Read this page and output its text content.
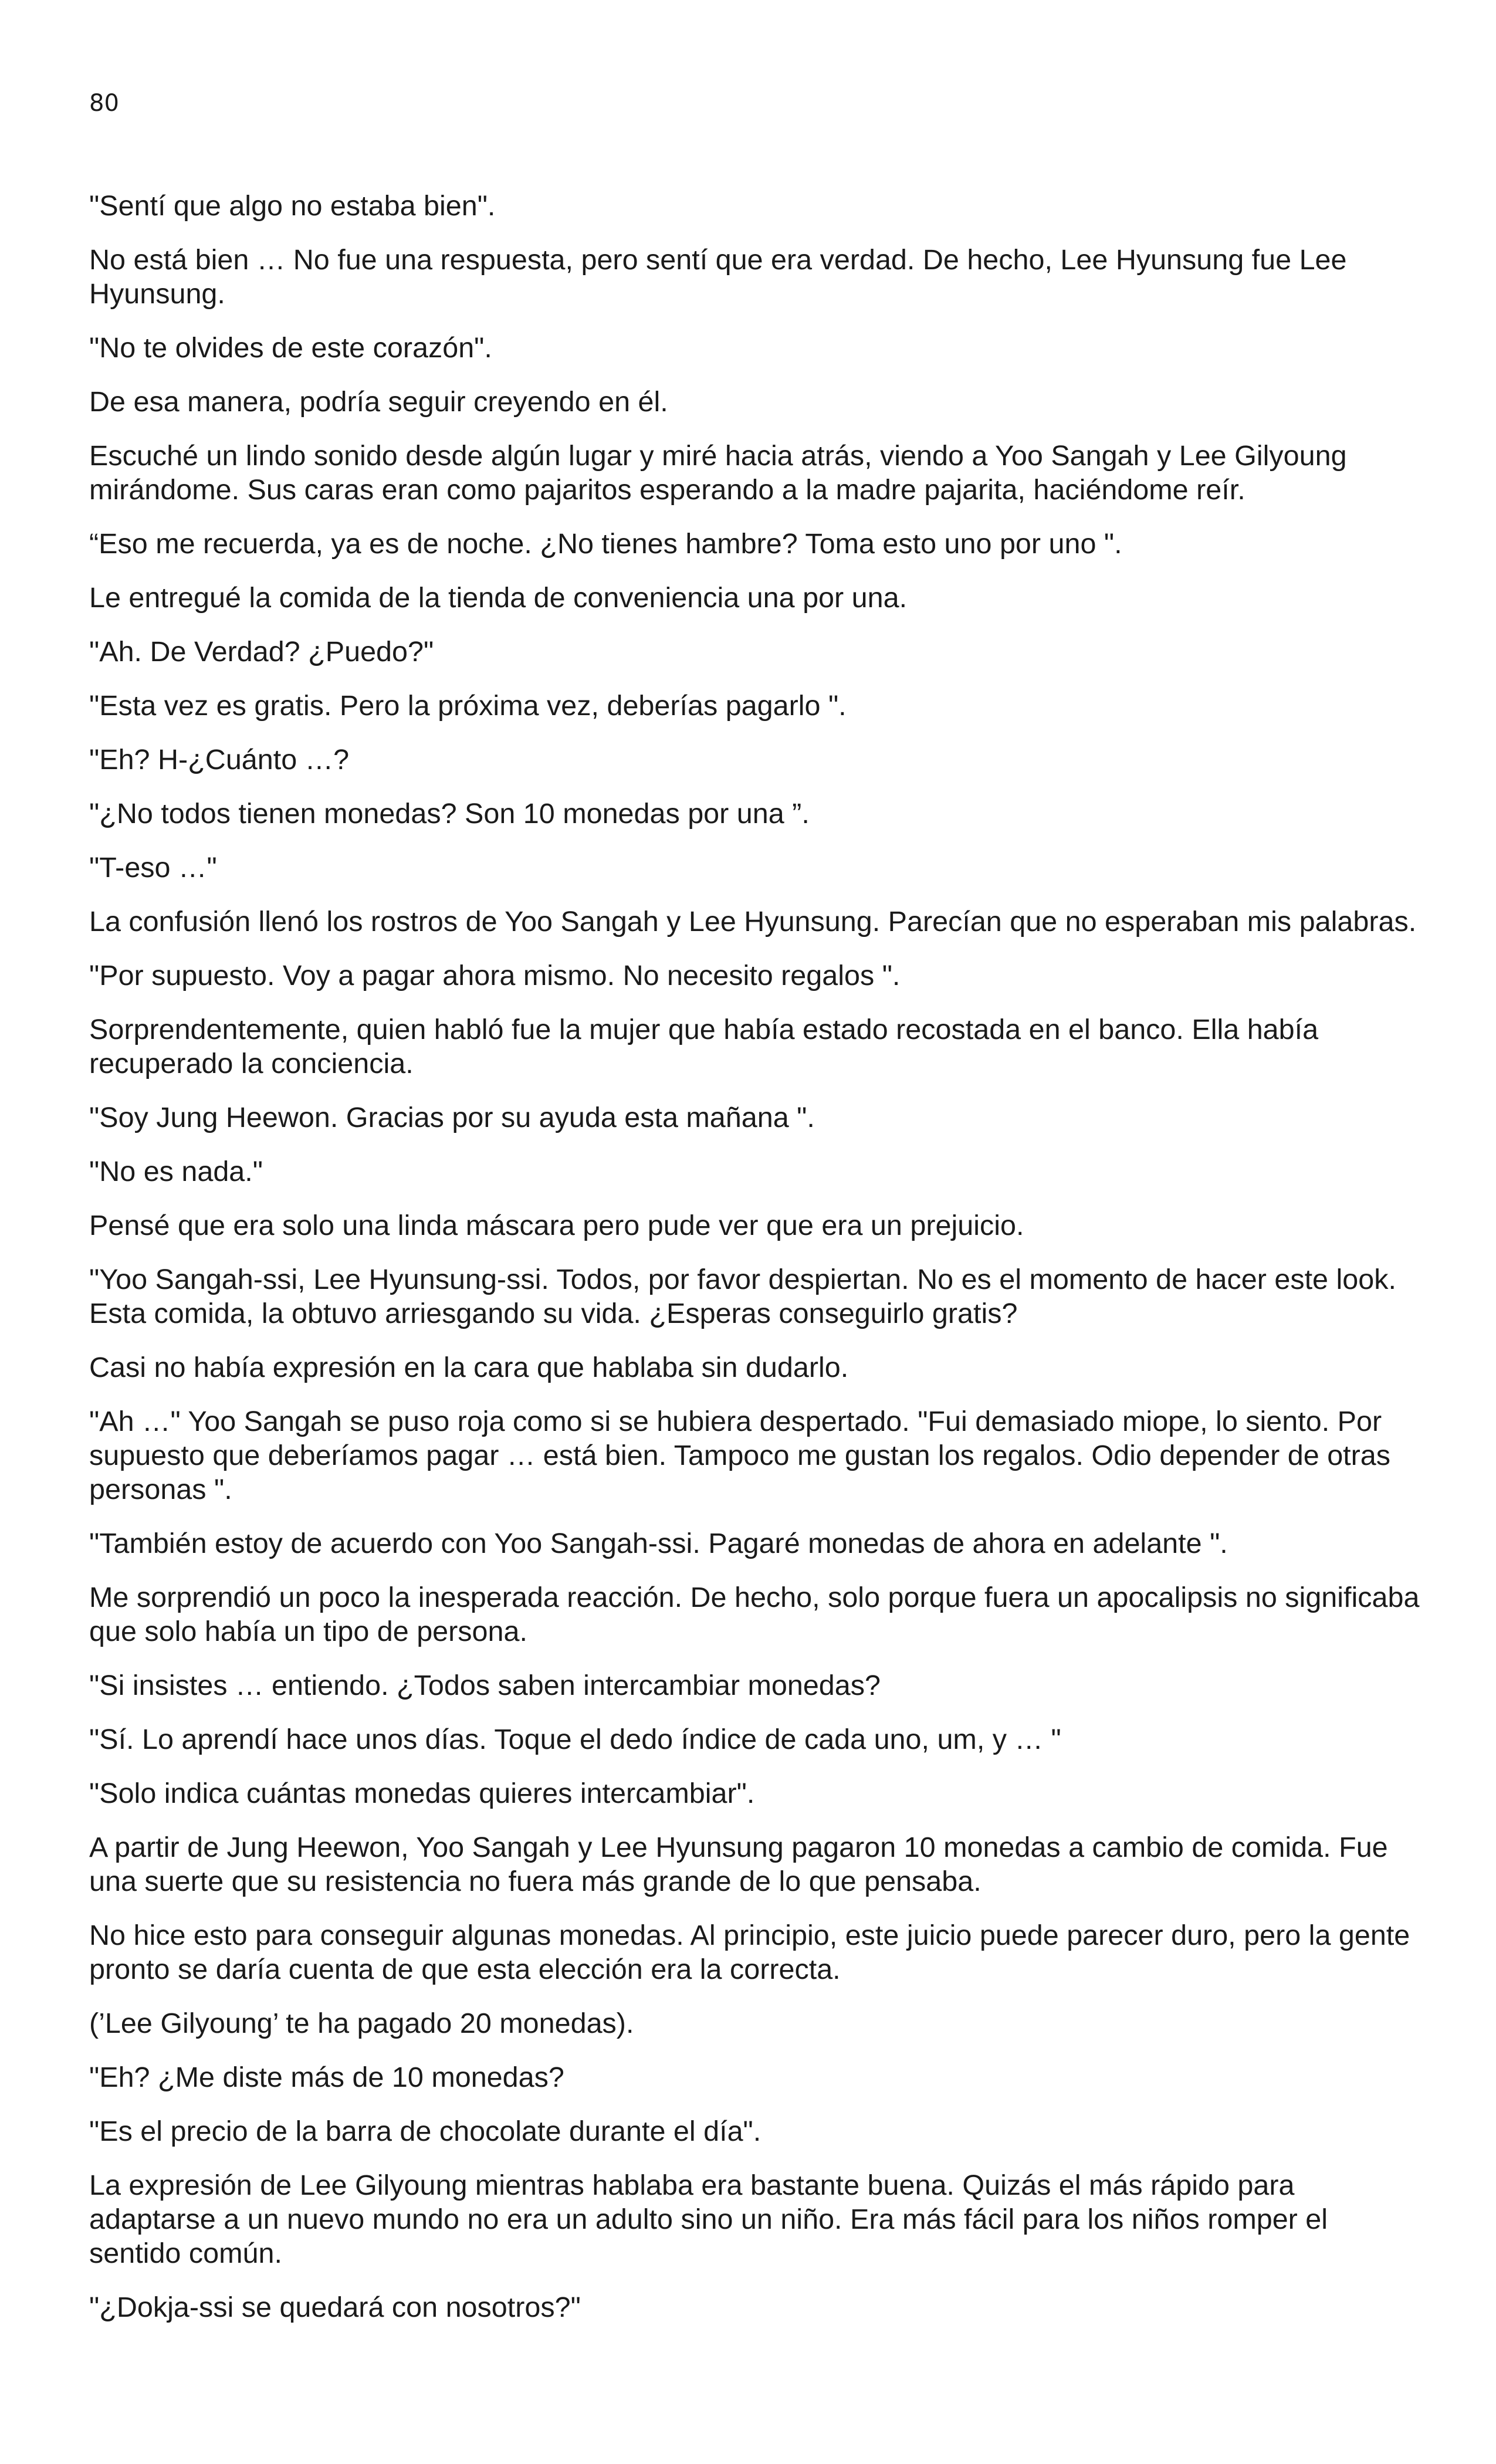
80

"Sentí que algo no estaba bien".

No está bien … No fue una respuesta, pero sentí que era verdad. De hecho, Lee Hyunsung fue Lee Hyunsung.

"No te olvides de este corazón".

De esa manera, podría seguir creyendo en él.

Escuché un lindo sonido desde algún lugar y miré hacia atrás, viendo a Yoo Sangah y Lee Gilyoung mirándome. Sus caras eran como pajaritos esperando a la madre pajarita, haciéndome reír.

“Eso me recuerda, ya es de noche. ¿No tienes hambre? Toma esto uno por uno ".

Le entregué la comida de la tienda de conveniencia una por una.

"Ah. De Verdad? ¿Puedo?"

"Esta vez es gratis. Pero la próxima vez, deberías pagarlo ".

"Eh? H-¿Cuánto …?

"¿No todos tienen monedas? Son 10 monedas por una ”.

"T-eso …"

La confusión llenó los rostros de Yoo Sangah y Lee Hyunsung. Parecían que no esperaban mis palabras.

"Por supuesto. Voy a pagar ahora mismo. No necesito regalos ".

Sorprendentemente, quien habló fue la mujer que había estado recostada en el banco. Ella había recuperado la conciencia.

"Soy Jung Heewon. Gracias por su ayuda esta mañana ".

"No es nada."

Pensé que era solo una linda máscara pero pude ver que era un prejuicio.

"Yoo Sangah-ssi, Lee Hyunsung-ssi. Todos, por favor despiertan. No es el momento de hacer este look. Esta comida, la obtuvo arriesgando su vida. ¿Esperas conseguirlo gratis?

Casi no había expresión en la cara que hablaba sin dudarlo.

"Ah …" Yoo Sangah se puso roja como si se hubiera despertado. "Fui demasiado miope, lo siento. Por supuesto que deberíamos pagar … está bien. Tampoco me gustan los regalos. Odio depender de otras personas ".

"También estoy de acuerdo con Yoo Sangah-ssi. Pagaré monedas de ahora en adelante ".

Me sorprendió un poco la inesperada reacción. De hecho, solo porque fuera un apocalipsis no significaba que solo había un tipo de persona.

"Si insistes … entiendo. ¿Todos saben intercambiar monedas?

"Sí. Lo aprendí hace unos días. Toque el dedo índice de cada uno, um, y … "

"Solo indica cuántas monedas quieres intercambiar".

A partir de Jung Heewon, Yoo Sangah y Lee Hyunsung pagaron 10 monedas a cambio de comida. Fue una suerte que su resistencia no fuera más grande de lo que pensaba.

No hice esto para conseguir algunas monedas. Al principio, este juicio puede parecer duro, pero la gente pronto se daría cuenta de que esta elección era la correcta.

(’Lee Gilyoung’ te ha pagado 20 monedas).

"Eh? ¿Me diste más de 10 monedas?

"Es el precio de la barra de chocolate durante el día".

La expresión de Lee Gilyoung mientras hablaba era bastante buena. Quizás el más rápido para adaptarse a un nuevo mundo no era un adulto sino un niño. Era más fácil para los niños romper el sentido común.

"¿Dokja-ssi se quedará con nosotros?"
